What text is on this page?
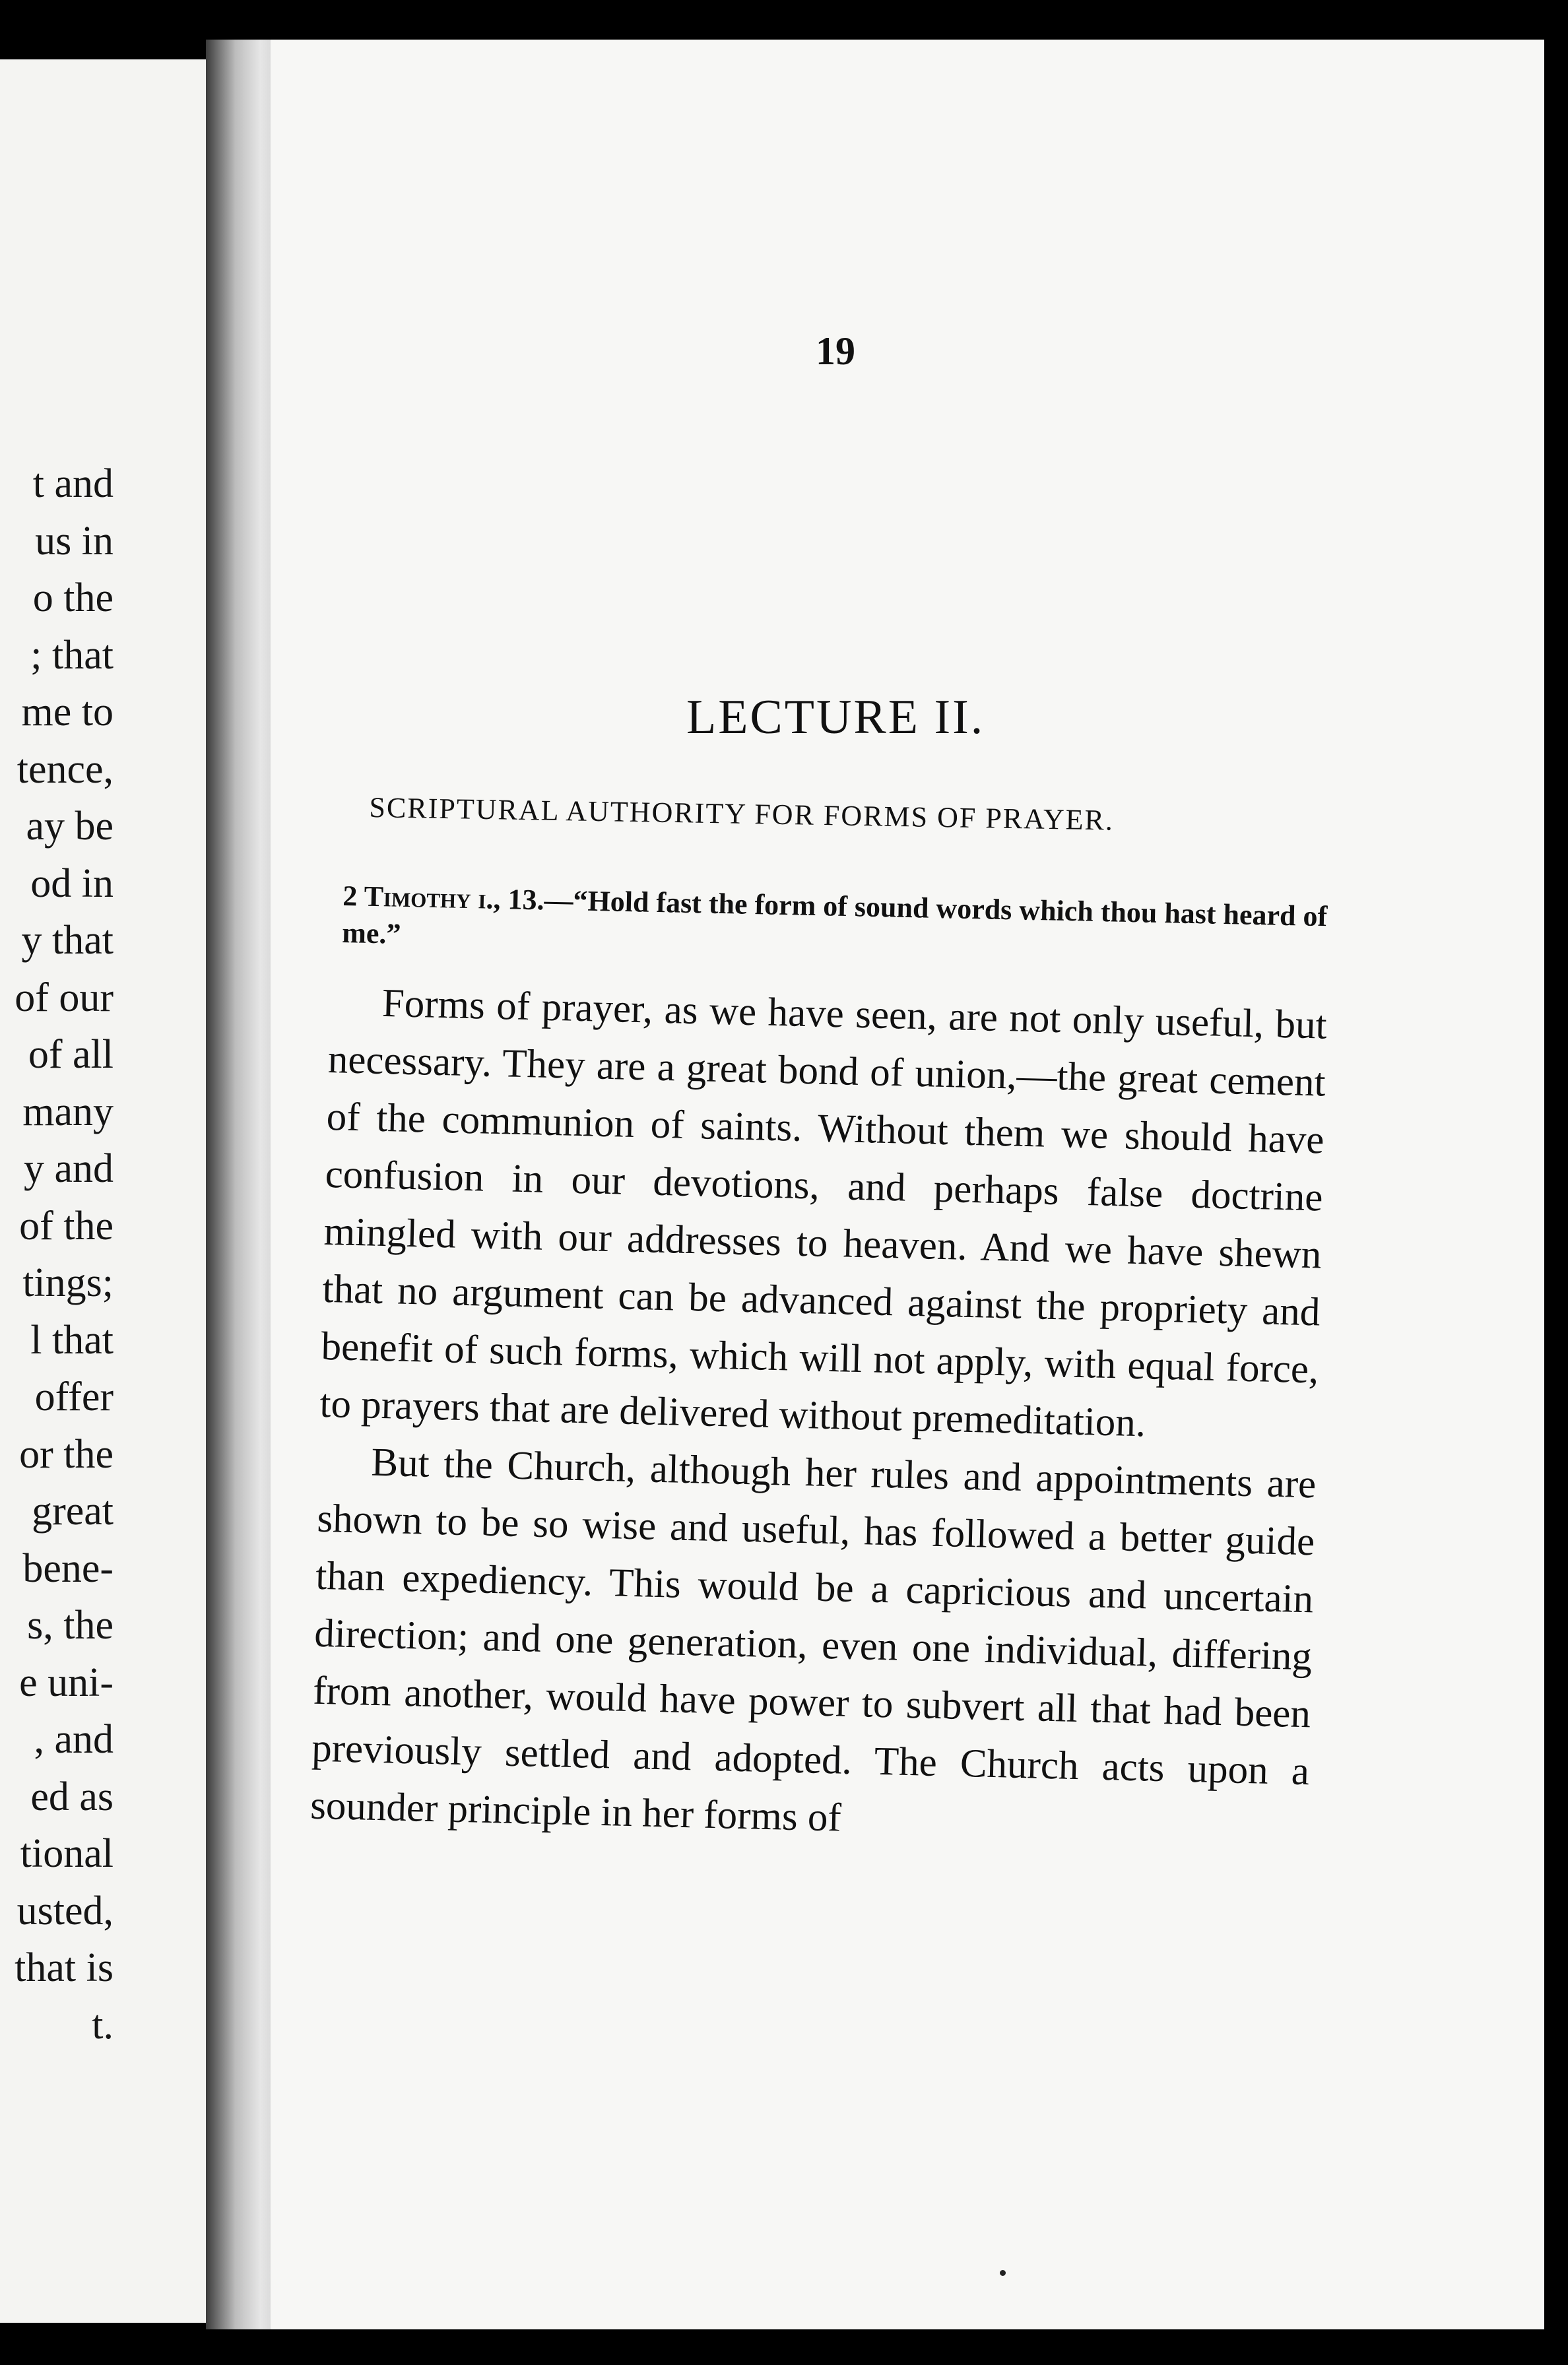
t and
us in
o the
; that
me to
tence,
ay be
od in
y that
of our
of all
many
y and
of the
tings;
l that
offer
or the
great
bene-
s, the
e uni-
, and
ed as
tional
usted,
that is
t.

19

LECTURE II.
SCRIPTURAL AUTHORITY FOR FORMS OF PRAYER.

2 Timothy i., 13.—“Hold fast the form of sound words which thou hast heard of me.”

Forms of prayer, as we have seen, are not only useful, but necessary. They are a great bond of union,—the great cement of the communion of saints. Without them we should have confusion in our devotions, and perhaps false doctrine mingled with our addresses to heaven. And we have shewn that no argument can be advanced against the propriety and benefit of such forms, which will not apply, with equal force, to prayers that are delivered without premeditation.

But the Church, although her rules and appointments are shown to be so wise and useful, has followed a better guide than expediency. This would be a capricious and uncertain direction; and one generation, even one individual, differing from another, would have power to subvert all that had been previously settled and adopted. The Church acts upon a sounder principle in her forms of
